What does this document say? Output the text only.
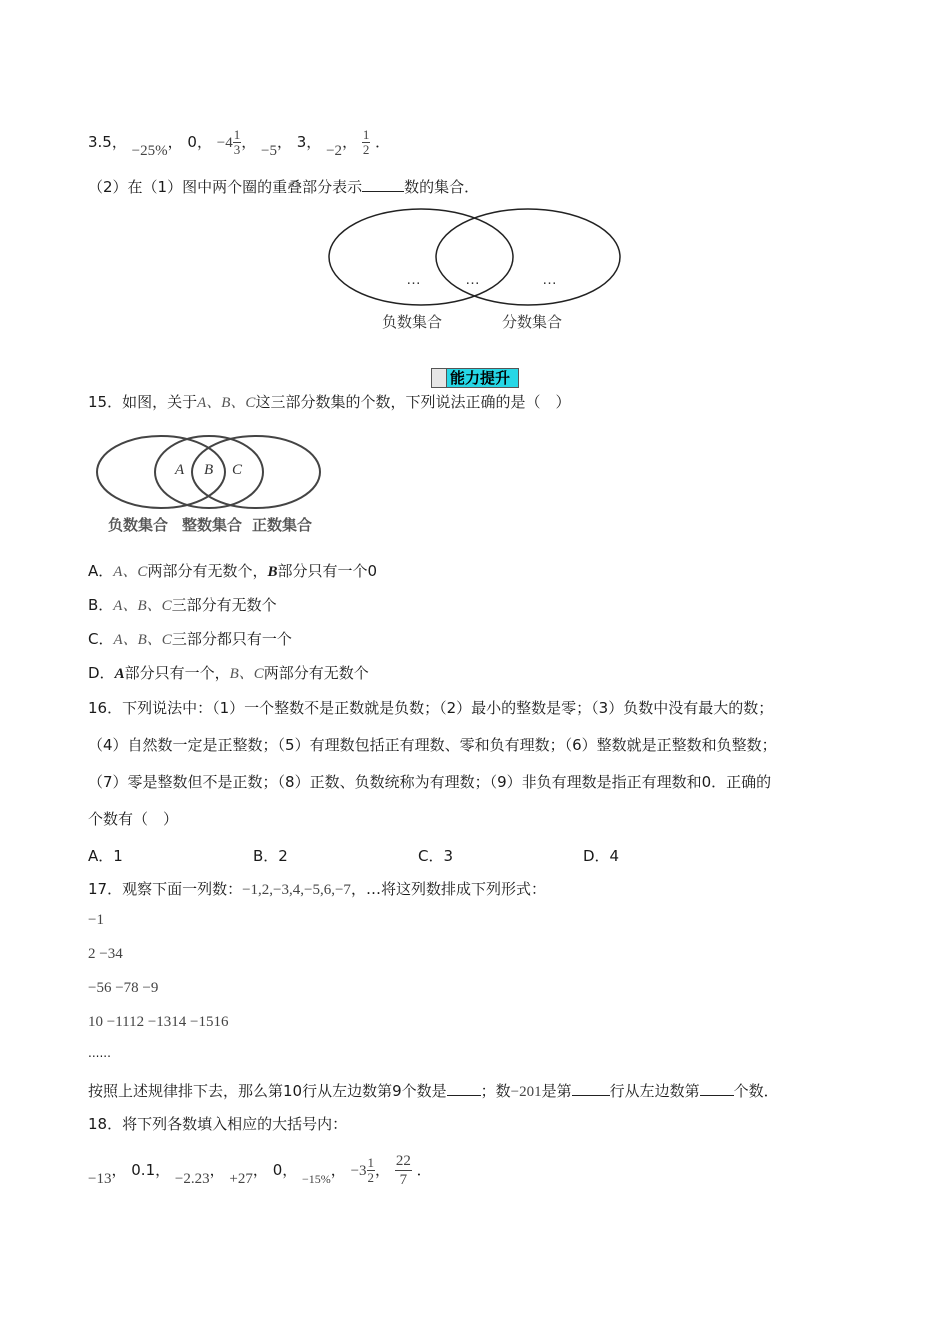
3.5， −25%， 0， $-4 \frac{1}{3}$ ， −5， 3， −2， $\frac{1}{2}$ ．
（2）在（1）图中两个圈的重叠部分表示	数的集合．
…	…	…
负数集合	分数集合
能力提升
15．如图，关于A、B、C这三部分数集的个数，下列说法正确的是（　）
A B C
负数集合 整数集合 正数集合
A．A、C两部分有无数个，B部分只有一个0
B．A、B、C三部分有无数个
C．A、B、C三部分都只有一个
D．A部分只有一个，B、C两部分有无数个
16．下列说法中：（1）一个整数不是正数就是负数；（2）最小的整数是零；（3）负数中没有最大的数；
（4）自然数一定是正整数；（5）有理数包括正有理数、零和负有理数；（6）整数就是正整数和负整数；
（7）零是整数但不是正数；（8）正数、负数统称为有理数；（9）非负有理数是指正有理数和0．正确的
个数有（　）
A．1	B．2	C．3	D．4
17．观察下面一列数：−1,2,−3,4,−5,6,−7，…将这列数排成下列形式：
−1
2 −34
−56 −78 −9
10 −1112 −1314 −1516
......
按照上述规律排下去，那么第10行从左边数第9个数是 ；数−201是第	行从左边数第 个数．
18．将下列各数填入相应的大括号内：
−13， 0.1， −2.23， +27， 0， $_{-15\%}$， $-3 \frac{1}{2}$ ， $\frac{22}{7}$ ．
